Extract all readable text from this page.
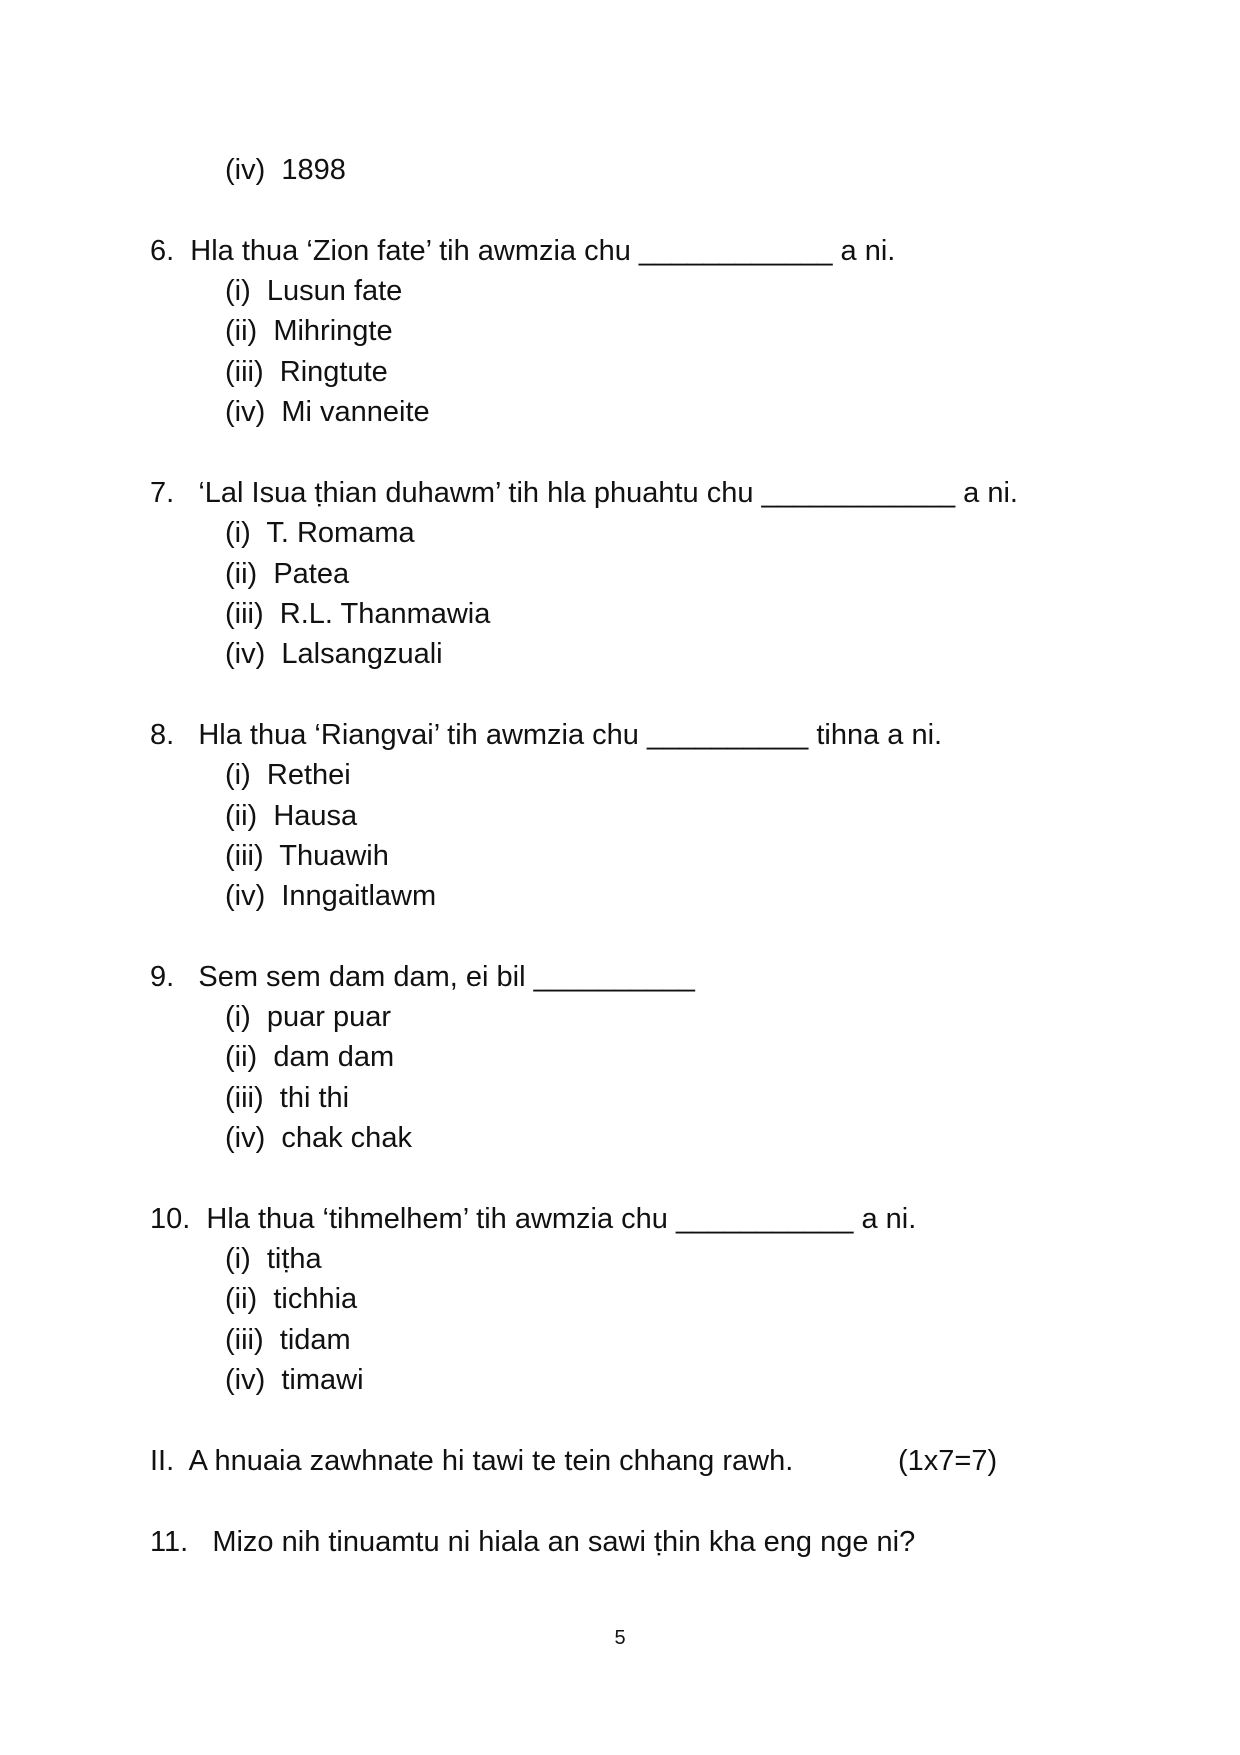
(iv)  1898
6.  Hla thua ‘Zion fate’ tih awmzia chu ____________ a ni.
(i)  Lusun fate
(ii)  Mihringte
(iii)  Ringtute
(iv)  Mi vanneite
7.   ‘Lal Isua ṭhian duhawm’ tih hla phuahtu chu ____________ a ni.
(i)  T. Romama
(ii)  Patea
(iii)  R.L. Thanmawia
(iv)  Lalsangzuali
8.   Hla thua ‘Riangvai’ tih awmzia chu __________ tihna a ni.
(i)  Rethei
(ii)  Hausa
(iii)  Thuawih
(iv)  Inngaitlawm
9.   Sem sem dam dam, ei bil __________
(i)  puar puar
(ii)  dam dam
(iii)  thi thi
(iv)  chak chak
10.  Hla thua ‘tihmelhem’ tih awmzia chu ___________ a ni.
(i)  tiṭha
(ii)  tichhia
(iii)  tidam
(iv)  timawi
II.  A hnuaia zawhnate hi tawi te tein chhang rawh.	(1x7=7)
11.   Mizo nih tinuamtu ni hiala an sawi ṭhin kha eng nge ni?
5
